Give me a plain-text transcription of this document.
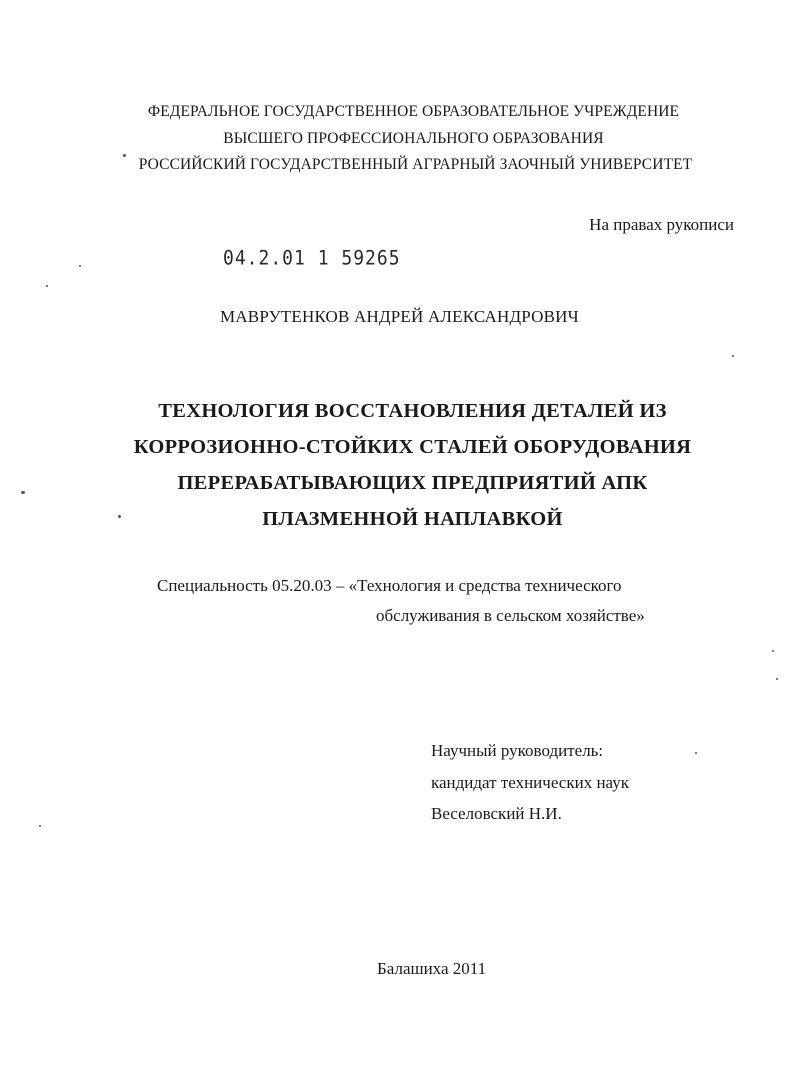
ФЕДЕРАЛЬНОЕ ГОСУДАРСТВЕННОЕ ОБРАЗОВАТЕЛЬНОЕ УЧРЕЖДЕНИЕ
ВЫСШЕГО ПРОФЕССИОНАЛЬНОГО ОБРАЗОВАНИЯ
РОССИЙСКИЙ ГОСУДАРСТВЕННЫЙ АГРАРНЫЙ ЗАОЧНЫЙ УНИВЕРСИТЕТ
На правах рукописи
04.2.01 1 59265
МАВРУТЕНКОВ АНДРЕЙ АЛЕКСАНДРОВИЧ
ТЕХНОЛОГИЯ ВОССТАНОВЛЕНИЯ ДЕТАЛЕЙ ИЗ
КОРРОЗИОННО-СТОЙКИХ СТАЛЕЙ ОБОРУДОВАНИЯ
ПЕРЕРАБАТЫВАЮЩИХ ПРЕДПРИЯТИЙ АПК
ПЛАЗМЕННОЙ НАПЛАВКОЙ
Специальность 05.20.03 – «Технология и средства технического
обслуживания в сельском хозяйстве»
Научный руководитель:
кандидат технических наук
Веселовский Н.И.
Балашиха 2011
